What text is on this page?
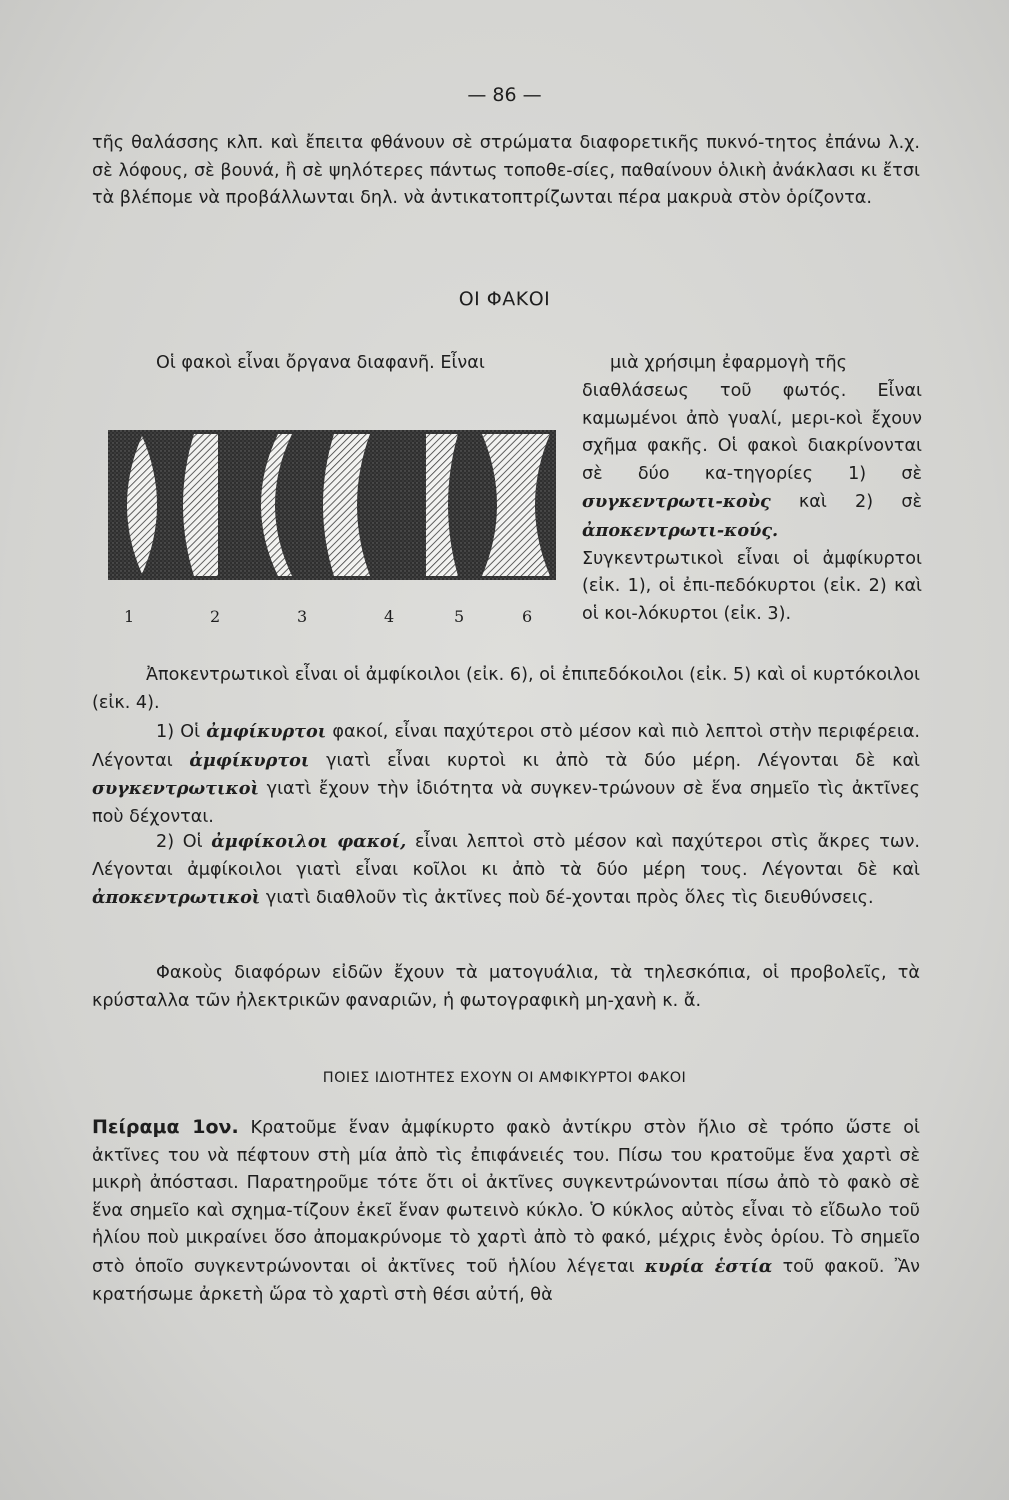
— 86 —

τῆς θαλάσσης κλπ. καὶ ἔπειτα φθάνουν σὲ στρώματα διαφορετικῆς πυκνό-τητος ἐπάνω λ.χ. σὲ λόφους, σὲ βουνά, ἢ σὲ ψηλότερες πάντως τοποθε-σίες, παθαίνουν ὁλικὴ ἀνάκλασι κι ἔτσι τὰ βλέπομε νὰ προβάλλωνται δηλ. νὰ ἀντικατοπτρίζωνται πέρα μακρυὰ στὸν ὁρίζοντα.

ΟΙ ΦΑΚΟΙ
Οἱ φακοὶ εἶναι ὄργανα διαφανῆ. Εἶναι	μιὰ χρήσιμη ἐφαρμογὴ τῆς
1	2	3	4	5	6

διαθλάσεως τοῦ φωτός. Εἶναι καμωμένοι ἀπὸ γυαλί, μερι-κοὶ ἔχουν σχῆμα φακῆς. Οἱ φακοὶ διακρίνονται σὲ δύο κα-τηγορίες 1) σὲ συγκεντρωτι-κοὺς καὶ 2) σὲ ἀποκεντρωτι-κούς. Συγκεντρωτικοὶ εἶναι οἱ ἀμφίκυρτοι (εἰκ. 1), οἱ ἐπι-πεδόκυρτοι (εἰκ. 2) καὶ οἱ κοι-λόκυρτοι (εἰκ. 3).

Ἀποκεντρωτικοὶ εἶναι οἱ ἀμφίκοιλοι (εἰκ. 6), οἱ ἐπιπεδόκοιλοι (εἰκ. 5) καὶ οἱ κυρτόκοιλοι (εἰκ. 4).

1) Οἱ ἀμφίκυρτοι φακοί, εἶναι παχύτεροι στὸ μέσον καὶ πιὸ λεπτοὶ στὴν περιφέρεια. Λέγονται ἀμφίκυρτοι γιατὶ εἶναι κυρτοὶ κι ἀπὸ τὰ δύο μέρη. Λέγονται δὲ καὶ συγκεντρωτικοὶ γιατὶ ἔχουν τὴν ἰδιότητα νὰ συγκεν-τρώνουν σὲ ἕνα σημεῖο τὶς ἀκτῖνες ποὺ δέχονται.

2) Οἱ ἀμφίκοιλοι φακοί, εἶναι λεπτοὶ στὸ μέσον καὶ παχύτεροι στὶς ἄκρες των. Λέγονται ἀμφίκοιλοι γιατὶ εἶναι κοῖλοι κι ἀπὸ τὰ δύο μέρη τους. Λέγονται δὲ καὶ ἀποκεντρωτικοὶ γιατὶ διαθλοῦν τὶς ἀκτῖνες ποὺ δέ-χονται πρὸς ὅλες τὶς διευθύνσεις.

Φακοὺς διαφόρων εἰδῶν ἔχουν τὰ ματογυάλια, τὰ τηλεσκόπια, οἱ προβολεῖς, τὰ κρύσταλλα τῶν ἠλεκτρικῶν φαναριῶν, ἡ φωτογραφικὴ μη-χανὴ κ. ἄ.

ΠΟΙΕΣ ΙΔΙΟΤΗΤΕΣ ΕΧΟΥΝ ΟΙ ΑΜΦΙΚΥΡΤΟΙ ΦΑΚΟΙ

Πείραμα 1ον. Κρατοῦμε ἕναν ἀμφίκυρτο φακὸ ἀντίκρυ στὸν ἥλιο σὲ τρόπο ὥστε οἱ ἀκτῖνες του νὰ πέφτουν στὴ μία ἀπὸ τὶς ἐπιφάνειές του. Πίσω του κρατοῦμε ἕνα χαρτὶ σὲ μικρὴ ἀπόστασι. Παρατηροῦμε τότε ὅτι οἱ ἀκτῖνες συγκεντρώνονται πίσω ἀπὸ τὸ φακὸ σὲ ἕνα σημεῖο καὶ σχημα-τίζουν ἐκεῖ ἕναν φωτεινὸ κύκλο. Ὁ κύκλος αὐτὸς εἶναι τὸ εἴδωλο τοῦ ἡλίου ποὺ μικραίνει ὅσο ἀπομακρύνομε τὸ χαρτὶ ἀπὸ τὸ φακό, μέχρις ἑνὸς ὁρίου. Τὸ σημεῖο στὸ ὁποῖο συγκεντρώνονται οἱ ἀκτῖνες τοῦ ἡλίου λέγεται κυρία ἑστία τοῦ φακοῦ. Ἂν κρατήσωμε ἀρκετὴ ὥρα τὸ χαρτὶ στὴ θέσι αὐτή, θὰ
